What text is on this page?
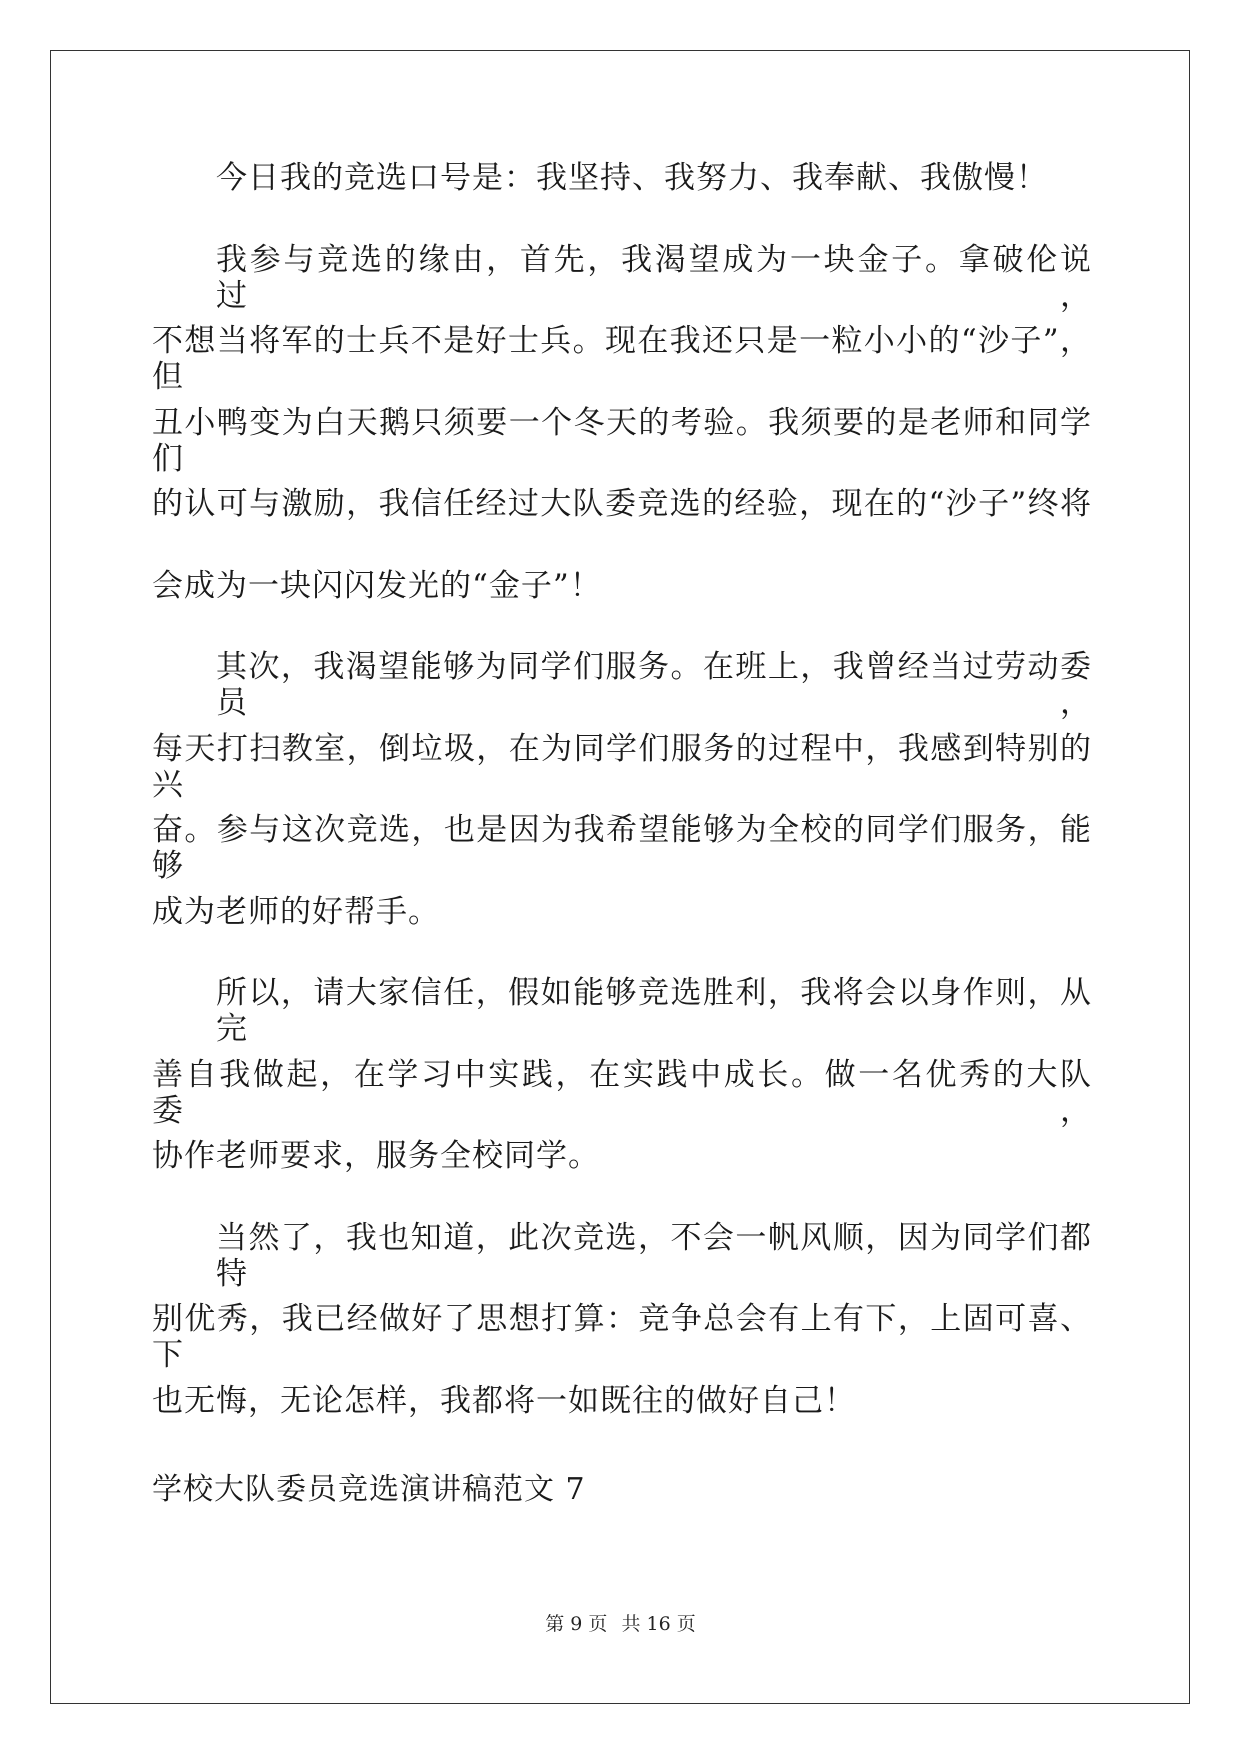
今日我的竞选口号是：我坚持、我努力、我奉献、我傲慢！
我参与竞选的缘由，首先，我渴望成为一块金子。拿破伦说过，
不想当将军的士兵不是好士兵。现在我还只是一粒小小的“沙子”，但
丑小鸭变为白天鹅只须要一个冬天的考验。我须要的是老师和同学们
的认可与激励，我信任经过大队委竞选的经验，现在的“沙子”终将
会成为一块闪闪发光的“金子”！
其次，我渴望能够为同学们服务。在班上，我曾经当过劳动委员，
每天打扫教室，倒垃圾，在为同学们服务的过程中，我感到特别的兴
奋。参与这次竞选，也是因为我希望能够为全校的同学们服务，能够
成为老师的好帮手。
所以，请大家信任，假如能够竞选胜利，我将会以身作则，从完
善自我做起，在学习中实践，在实践中成长。做一名优秀的大队委，
协作老师要求，服务全校同学。
当然了，我也知道，此次竞选，不会一帆风顺，因为同学们都特
别优秀，我已经做好了思想打算：竞争总会有上有下，上固可喜、下
也无悔，无论怎样，我都将一如既往的做好自己！
学校大队委员竞选演讲稿范文 7
第 9 页 共 16 页
